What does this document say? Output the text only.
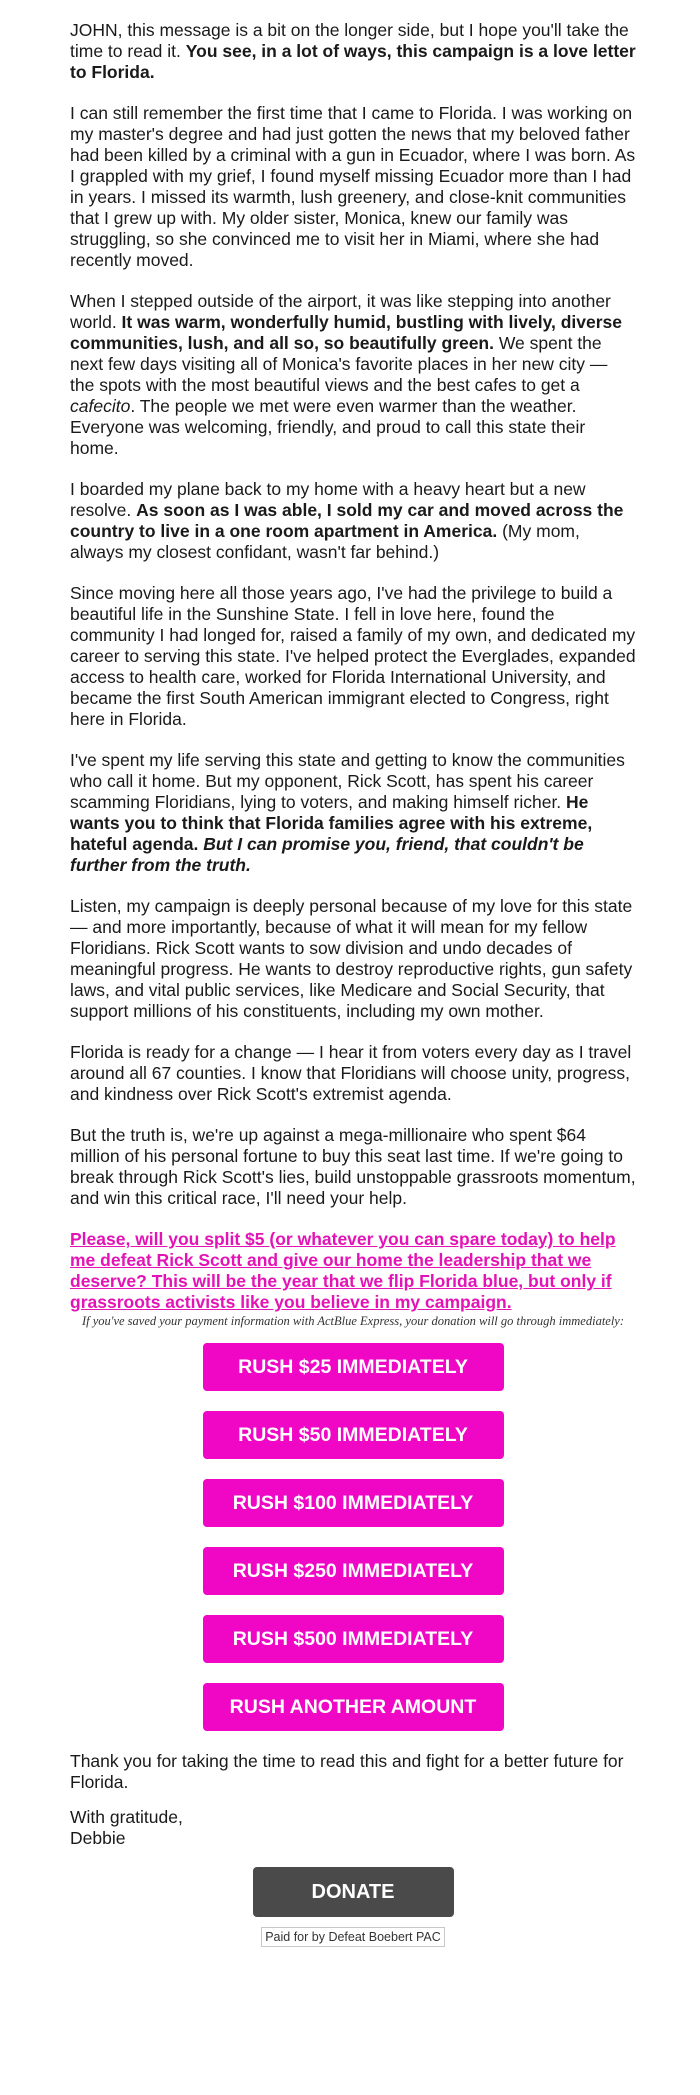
JOHN, this message is a bit on the longer side, but I hope you'll take the time to read it. You see, in a lot of ways, this campaign is a love letter to Florida.

I can still remember the first time that I came to Florida. I was working on my master's degree and had just gotten the news that my beloved father had been killed by a criminal with a gun in Ecuador, where I was born. As I grappled with my grief, I found myself missing Ecuador more than I had in years. I missed its warmth, lush greenery, and close-knit communities that I grew up with. My older sister, Monica, knew our family was struggling, so she convinced me to visit her in Miami, where she had recently moved.

When I stepped outside of the airport, it was like stepping into another world. It was warm, wonderfully humid, bustling with lively, diverse communities, lush, and all so, so beautifully green. We spent the next few days visiting all of Monica's favorite places in her new city — the spots with the most beautiful views and the best cafes to get a cafecito. The people we met were even warmer than the weather. Everyone was welcoming, friendly, and proud to call this state their home.

I boarded my plane back to my home with a heavy heart but a new resolve. As soon as I was able, I sold my car and moved across the country to live in a one room apartment in America. (My mom, always my closest confidant, wasn't far behind.)

Since moving here all those years ago, I've had the privilege to build a beautiful life in the Sunshine State. I fell in love here, found the community I had longed for, raised a family of my own, and dedicated my career to serving this state. I've helped protect the Everglades, expanded access to health care, worked for Florida International University, and became the first South American immigrant elected to Congress, right here in Florida.

I've spent my life serving this state and getting to know the communities who call it home. But my opponent, Rick Scott, has spent his career scamming Floridians, lying to voters, and making himself richer. He wants you to think that Florida families agree with his extreme, hateful agenda. But I can promise you, friend, that couldn't be further from the truth.

Listen, my campaign is deeply personal because of my love for this state — and more importantly, because of what it will mean for my fellow Floridians. Rick Scott wants to sow division and undo decades of meaningful progress. He wants to destroy reproductive rights, gun safety laws, and vital public services, like Medicare and Social Security, that support millions of his constituents, including my own mother.

Florida is ready for a change — I hear it from voters every day as I travel around all 67 counties. I know that Floridians will choose unity, progress, and kindness over Rick Scott's extremist agenda.

But the truth is, we're up against a mega-millionaire who spent $64 million of his personal fortune to buy this seat last time. If we're going to break through Rick Scott's lies, build unstoppable grassroots momentum, and win this critical race, I'll need your help.

Please, will you split $5 (or whatever you can spare today) to help me defeat Rick Scott and give our home the leadership that we deserve? This will be the year that we flip Florida blue, but only if grassroots activists like you believe in my campaign.

If you've saved your payment information with ActBlue Express, your donation will go through immediately:

RUSH $25 IMMEDIATELY
RUSH $50 IMMEDIATELY
RUSH $100 IMMEDIATELY
RUSH $250 IMMEDIATELY
RUSH $500 IMMEDIATELY
RUSH ANOTHER AMOUNT

Thank you for taking the time to read this and fight for a better future for Florida.

With gratitude,

Debbie

DONATE
Paid for by Defeat Boebert PAC
